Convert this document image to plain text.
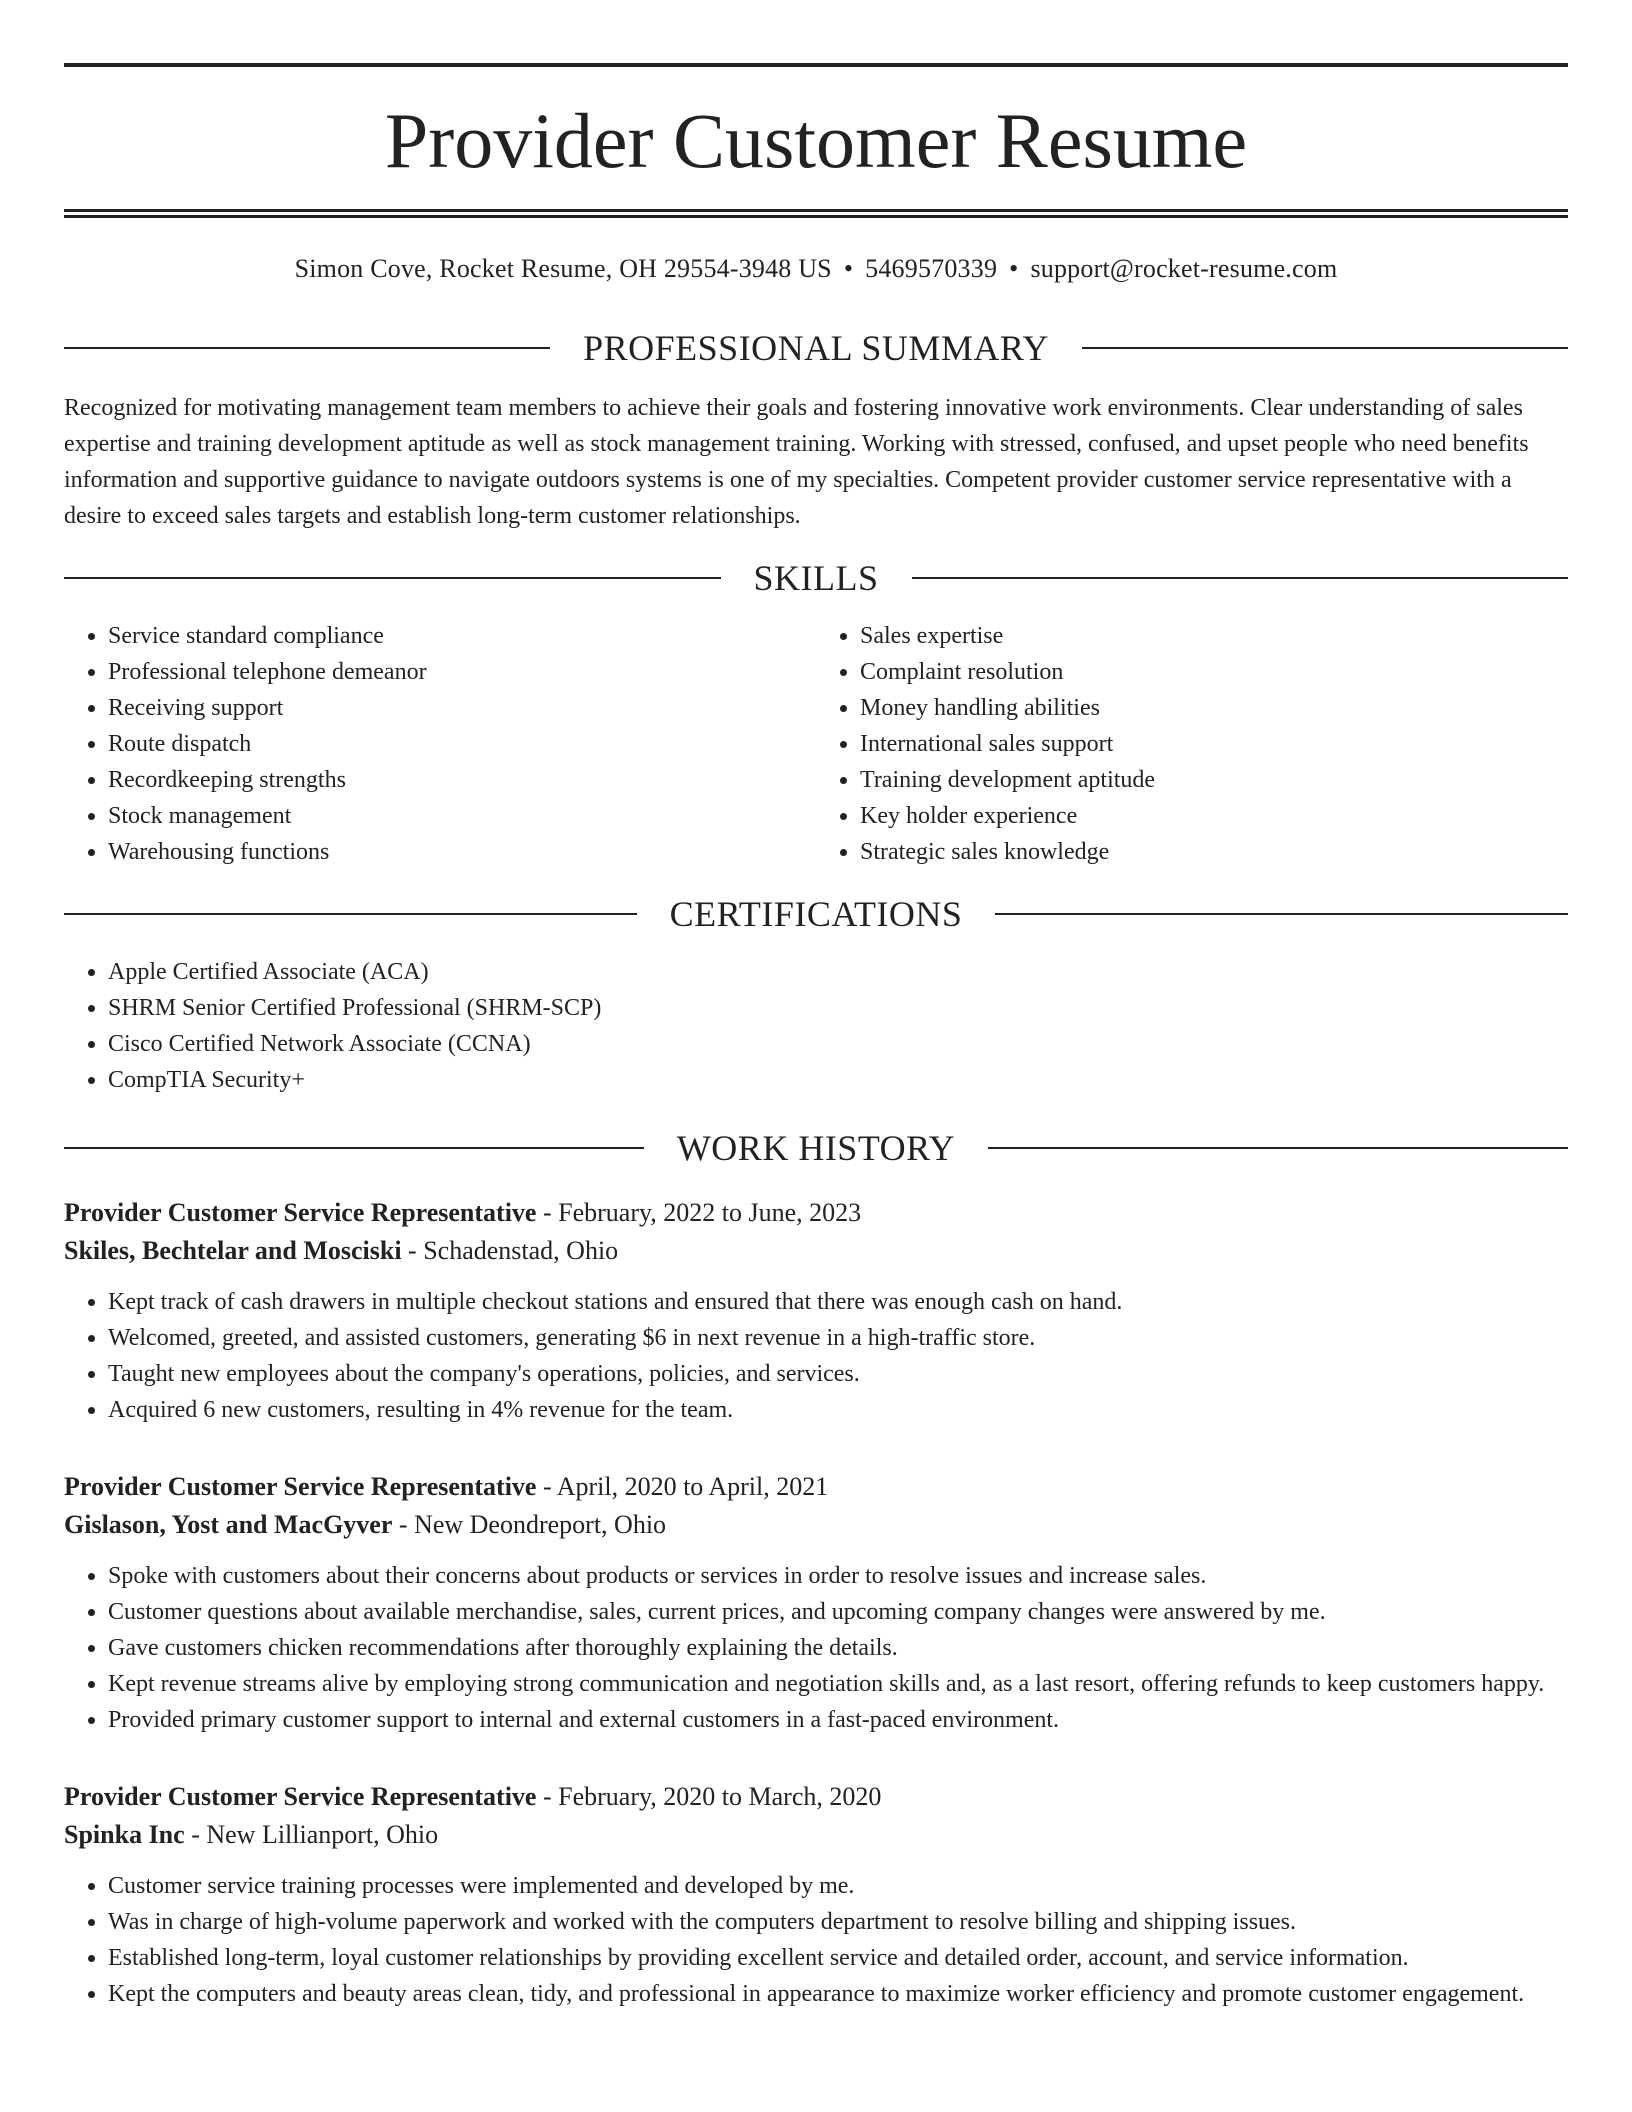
Provider Customer Resume
Simon Cove, Rocket Resume, OH 29554-3948 US • 5469570339 • support@rocket-resume.com
PROFESSIONAL SUMMARY

Recognized for motivating management team members to achieve their goals and fostering innovative work environments. Clear understanding of sales expertise and training development aptitude as well as stock management training. Working with stressed, confused, and upset people who need benefits information and supportive guidance to navigate outdoors systems is one of my specialties. Competent provider customer service representative with a desire to exceed sales targets and establish long-term customer relationships.

SKILLS
• Service standard compliance
• Professional telephone demeanor
• Receiving support
• Route dispatch
• Recordkeeping strengths
• Stock management
• Warehousing functions
• Sales expertise
• Complaint resolution
• Money handling abilities
• International sales support
• Training development aptitude
• Key holder experience
• Strategic sales knowledge
CERTIFICATIONS
• Apple Certified Associate (ACA)
• SHRM Senior Certified Professional (SHRM-SCP)
• Cisco Certified Network Associate (CCNA)
• CompTIA Security+
WORK HISTORY
Provider Customer Service Representative - February, 2022 to June, 2023
Skiles, Bechtelar and Mosciski - Schadenstad, Ohio
• Kept track of cash drawers in multiple checkout stations and ensured that there was enough cash on hand.
• Welcomed, greeted, and assisted customers, generating $6 in next revenue in a high-traffic store.
• Taught new employees about the company's operations, policies, and services.
• Acquired 6 new customers, resulting in 4% revenue for the team.
Provider Customer Service Representative - April, 2020 to April, 2021
Gislason, Yost and MacGyver - New Deondreport, Ohio
• Spoke with customers about their concerns about products or services in order to resolve issues and increase sales.
• Customer questions about available merchandise, sales, current prices, and upcoming company changes were answered by me.
• Gave customers chicken recommendations after thoroughly explaining the details.
• Kept revenue streams alive by employing strong communication and negotiation skills and, as a last resort, offering refunds to keep customers happy.
• Provided primary customer support to internal and external customers in a fast-paced environment.
Provider Customer Service Representative - February, 2020 to March, 2020
Spinka Inc - New Lillianport, Ohio
• Customer service training processes were implemented and developed by me.
• Was in charge of high-volume paperwork and worked with the computers department to resolve billing and shipping issues.
• Established long-term, loyal customer relationships by providing excellent service and detailed order, account, and service information.
• Kept the computers and beauty areas clean, tidy, and professional in appearance to maximize worker efficiency and promote customer engagement.
